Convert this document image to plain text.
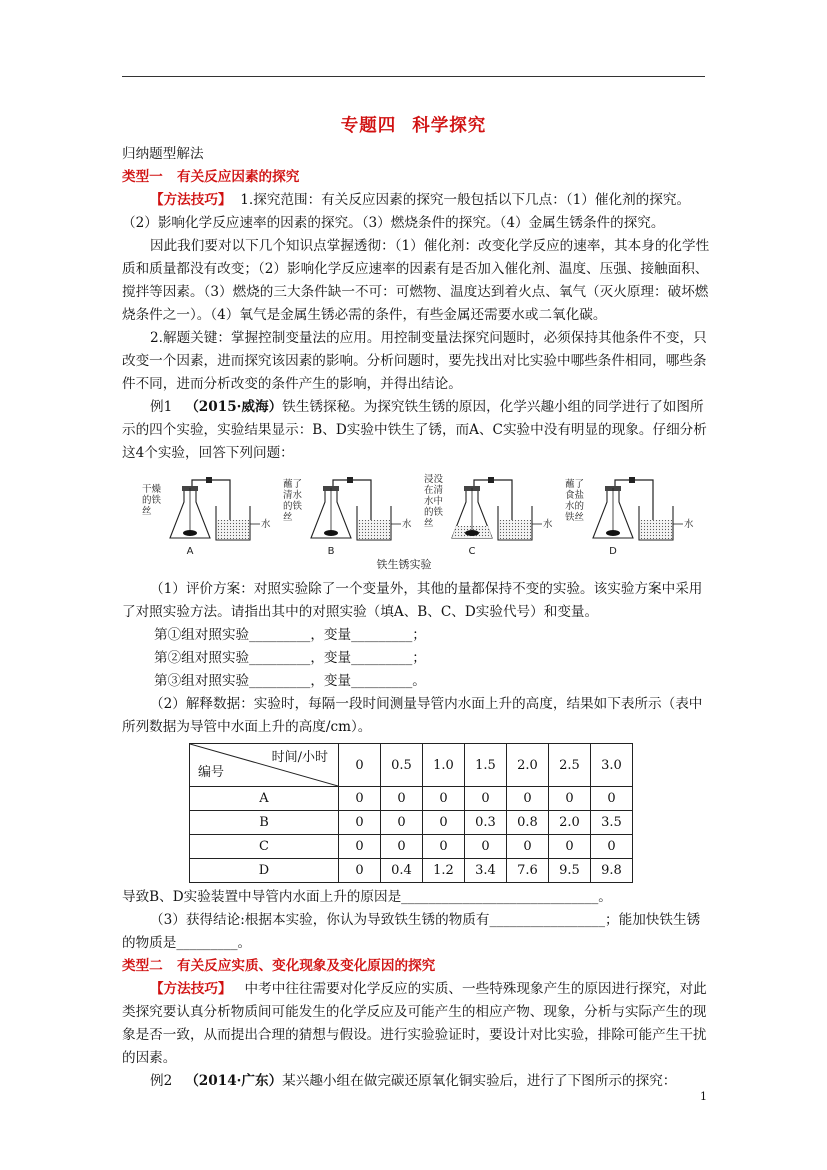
专题四 科学探究

归纳题型解法

类型一 有关反应因素的探究

【方法技巧】 1.探究范围：有关反应因素的探究一般包括以下几点：（1）催化剂的探究。（2）影响化学反应速率的因素的探究。（3）燃烧条件的探究。（4）金属生锈条件的探究。

因此我们要对以下几个知识点掌握透彻：（1）催化剂：改变化学反应的速率，其本身的化学性质和质量都没有改变；（2）影响化学反应速率的因素有是否加入催化剂、温度、压强、接触面积、搅拌等因素。（3）燃烧的三大条件缺一不可：可燃物、温度达到着火点、氧气（灭火原理：破坏燃烧条件之一）。（4）氧气是金属生锈必需的条件，有些金属还需要水或二氧化碳。

2.解题关键：掌握控制变量法的应用。用控制变量法探究问题时，必须保持其他条件不变，只改变一个因素，进而探究该因素的影响。分析问题时，要先找出对比实验中哪些条件相同，哪些条件不同，进而分析改变的条件产生的影响，并得出结论。

例1 （2015·威海）铁生锈探秘。为探究铁生锈的原因，化学兴趣小组的同学进行了如图所示的四个实验，实验结果显示：B、D实验中铁生了锈，而A、C实验中没有明显的现象。仔细分析这4个实验，回答下列问题：

干燥
的铁
丝
水
A
蘸了
清水
的铁
丝
水
B
浸没
在清
水中
的铁
丝	水
C
蘸了
食盐
水的
铁丝
水
D
铁生锈实验

（1）评价方案：对照实验除了一个变量外，其他的量都保持不变的实验。该实验方案中采用了对照实验方法。请指出其中的对照实验（填A、B、C、D实验代号）和变量。

第①组对照实验_________，变量_________；

第②组对照实验_________，变量_________；

第③组对照实验_________，变量_________。

（2）解释数据：实验时，每隔一段时间测量导管内水面上升的高度，结果如下表所示（表中所列数据为导管中水面上升的高度/cm）。

时间/小时
编号	0	0.5	1.0	1.5	2.0	2.5	3.0
A	0	0	0	0	0	0	0
B	0	0	0	0.3	0.8	2.0	3.5
C	0	0	0	0	0	0	0
D	0	0.4	1.2	3.4	7.6	9.5	9.8

导致B、D实验装置中导管内水面上升的原因是_____________________________。

（3）获得结论:根据本实验，你认为导致铁生锈的物质有_________________；能加快铁生锈的物质是_________。

类型二 有关反应实质、变化现象及变化原因的探究

【方法技巧】 中考中往往需要对化学反应的实质、一些特殊现象产生的原因进行探究，对此类探究要认真分析物质间可能发生的化学反应及可能产生的相应产物、现象，分析与实际产生的现象是否一致，从而提出合理的猜想与假设。进行实验验证时，要设计对比实验，排除可能产生干扰的因素。

例2 （2014·广东）某兴趣小组在做完碳还原氧化铜实验后，进行了下图所示的探究：

1
